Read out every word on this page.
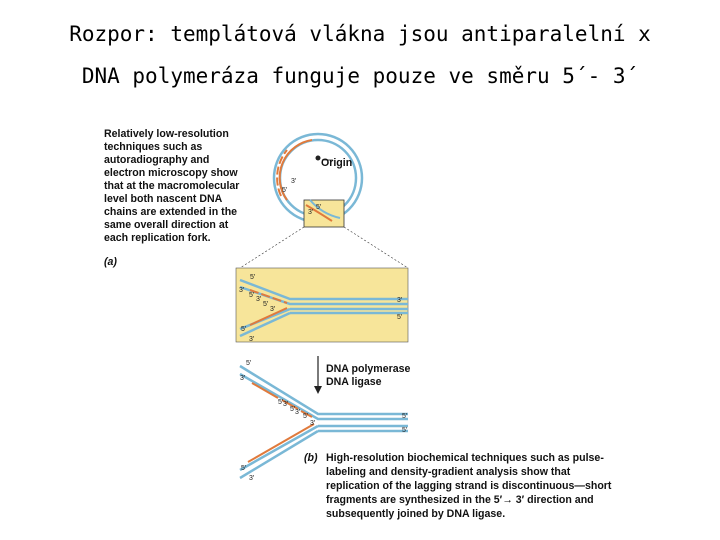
Rozpor: templátová vlákna jsou antiparalelní x
DNA polymeráza funguje pouze ve směru 5´- 3´
Relatively low-resolution techniques such as autoradiography and electron microscopy show that at the macromolecular level both nascent DNA chains are extended in the same overall direction at each replication fork.
(a)
Origin
3′
5′
3′
5′
5′
3′
5′
3′
5′
3′
3′
5′
5′
3′
DNA polymerase
DNA ligase
5′
3′
5′ 3′
5′ 3′
5′
3′
5′
5′
5′
3′
(b) High-resolution biochemical techniques such as pulse- labeling and density-gradient analysis show that replication of the lagging strand is discontinuous—short fragments are synthesized in the 5′→ 3′ direction and subsequently joined by DNA ligase.
